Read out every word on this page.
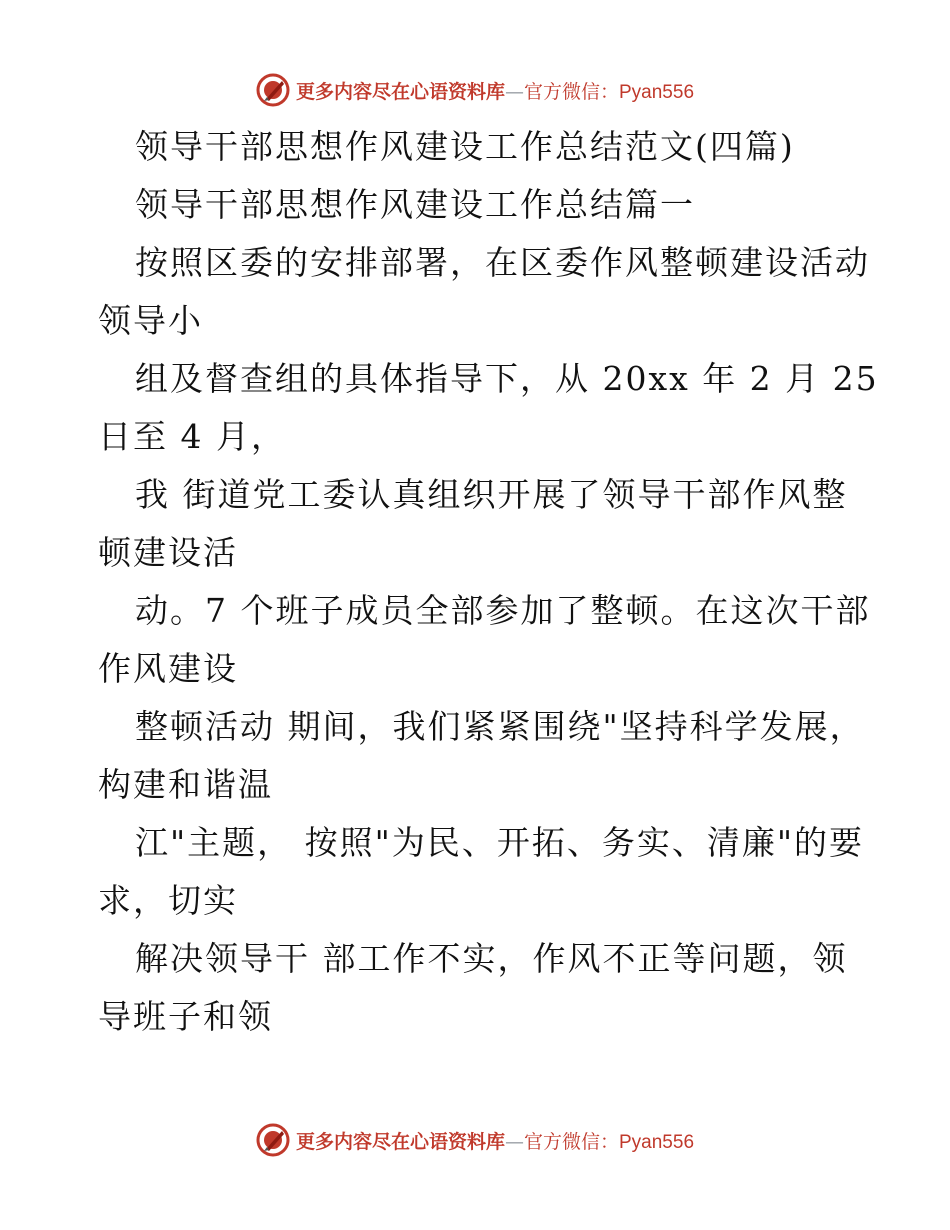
更多内容尽在心语资料库 — 官方微信： Pyan556
领导干部思想作风建设工作总结范文(四篇)
领导干部思想作风建设工作总结篇一
按照区委的安排部署，在区委作风整顿建设活动
领导小
组及督查组的具体指导下，从 20xx 年 2 月 25
日至 4 月，
我 街道党工委认真组织开展了领导干部作风整
顿建设活
动。7 个班子成员全部参加了整顿。在这次干部
作风建设
整顿活动 期间，我们紧紧围绕"坚持科学发展，
构建和谐温
江"主题， 按照"为民、开拓、务实、清廉"的要
求，切实
解决领导干 部工作不实，作风不正等问题，领
导班子和领
更多内容尽在心语资料库 — 官方微信： Pyan556
